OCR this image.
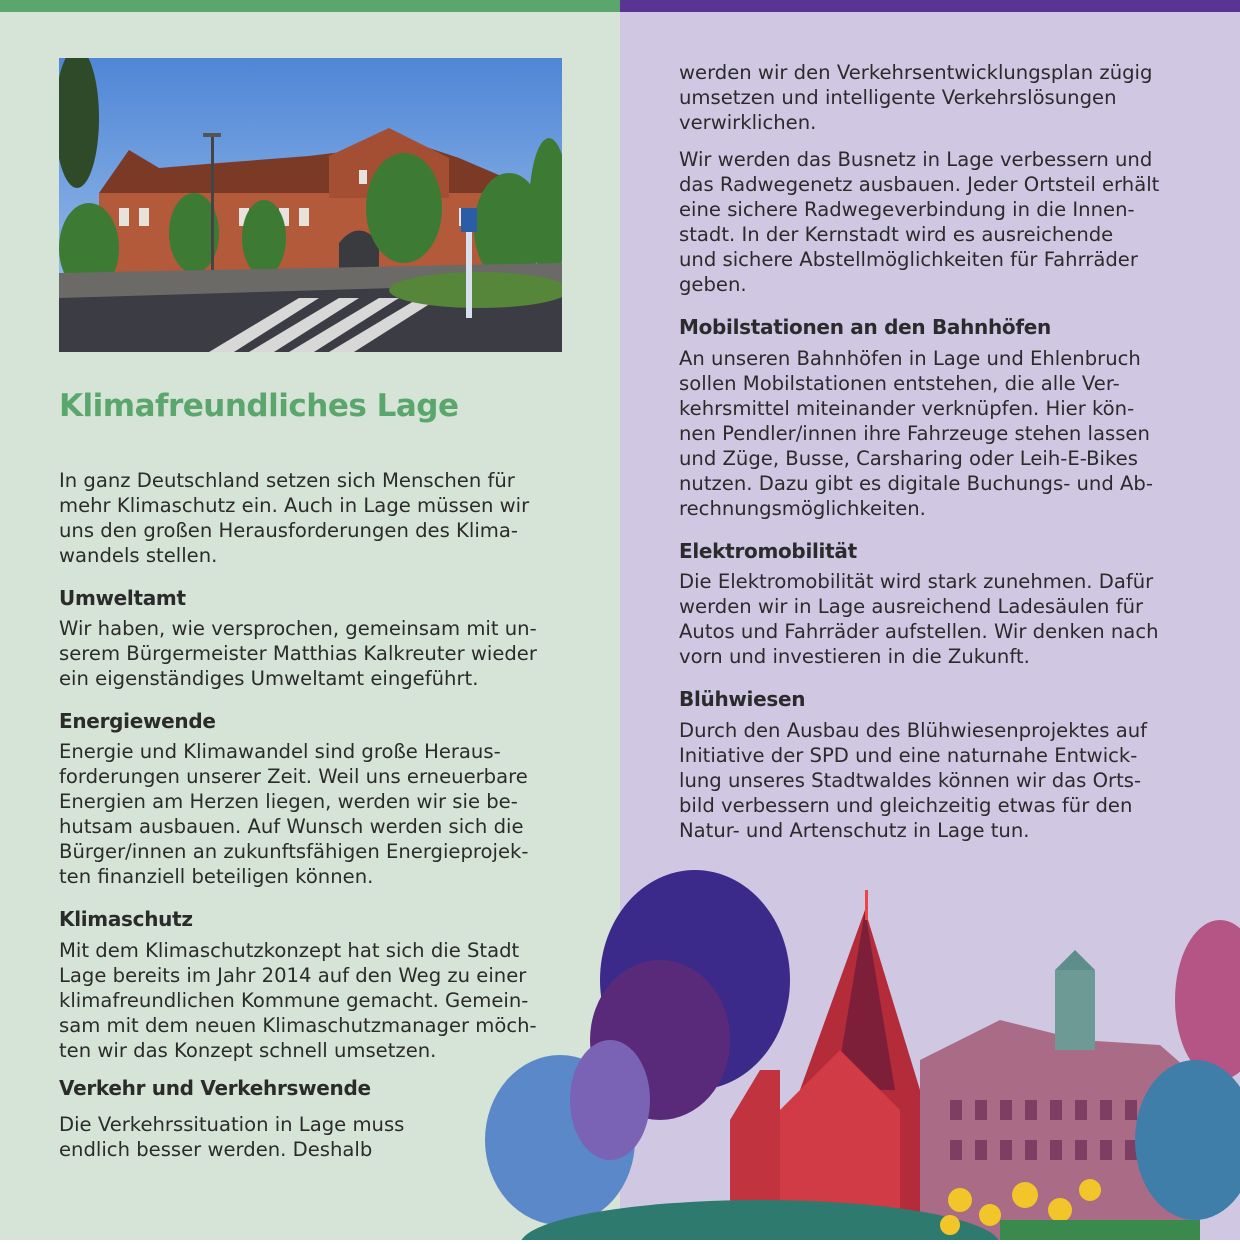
Klimafreundliches Lage
In ganz Deutschland setzen sich Menschen für
mehr Klimaschutz ein. Auch in Lage müssen wir
uns den großen Herausforderungen des Klima-
wandels stellen.
Umweltamt
Wir haben, wie versprochen, gemeinsam mit un-
serem Bürgermeister Matthias Kalkreuter wieder
ein eigenständiges Umweltamt eingeführt.
Energiewende
Energie und Klimawandel sind große Heraus-
forderungen unserer Zeit. Weil uns erneuerbare
Energien am Herzen liegen, werden wir sie be-
hutsam ausbauen. Auf Wunsch werden sich die
Bürger/innen an zukunftsfähigen Energieprojek-
ten finanziell beteiligen können.
Klimaschutz
Mit dem Klimaschutzkonzept hat sich die Stadt
Lage bereits im Jahr 2014 auf den Weg zu einer
klimafreundlichen Kommune gemacht. Gemein-
sam mit dem neuen Klimaschutzmanager möch-
ten wir das Konzept schnell umsetzen.
Verkehr und Verkehrswende
Die Verkehrssituation in Lage muss
endlich besser werden. Deshalb
werden wir den Verkehrsentwicklungsplan zügig
umsetzen und intelligente Verkehrslösungen
verwirklichen.
Wir werden das Busnetz in Lage verbessern und
das Radwegenetz ausbauen. Jeder Ortsteil erhält
eine sichere Radwegeverbindung in die Innen-
stadt. In der Kernstadt wird es ausreichende
und sichere Abstellmöglichkeiten für Fahrräder
geben.
Mobilstationen an den Bahnhöfen
An unseren Bahnhöfen in Lage und Ehlenbruch
sollen Mobilstationen entstehen, die alle Ver-
kehrsmittel miteinander verknüpfen. Hier kön-
nen Pendler/innen ihre Fahrzeuge stehen lassen
und Züge, Busse, Carsharing oder Leih-E-Bikes
nutzen. Dazu gibt es digitale Buchungs- und Ab-
rechnungsmöglichkeiten.
Elektromobilität
Die Elektromobilität wird stark zunehmen. Dafür
werden wir in Lage ausreichend Ladesäulen für
Autos und Fahrräder aufstellen. Wir denken nach
vorn und investieren in die Zukunft.
Blühwiesen
Durch den Ausbau des Blühwiesenprojektes auf
Initiative der SPD und eine naturnahe Entwick-
lung unseres Stadtwaldes können wir das Orts-
bild verbessern und gleichzeitig etwas für den
Natur- und Artenschutz in Lage tun.
